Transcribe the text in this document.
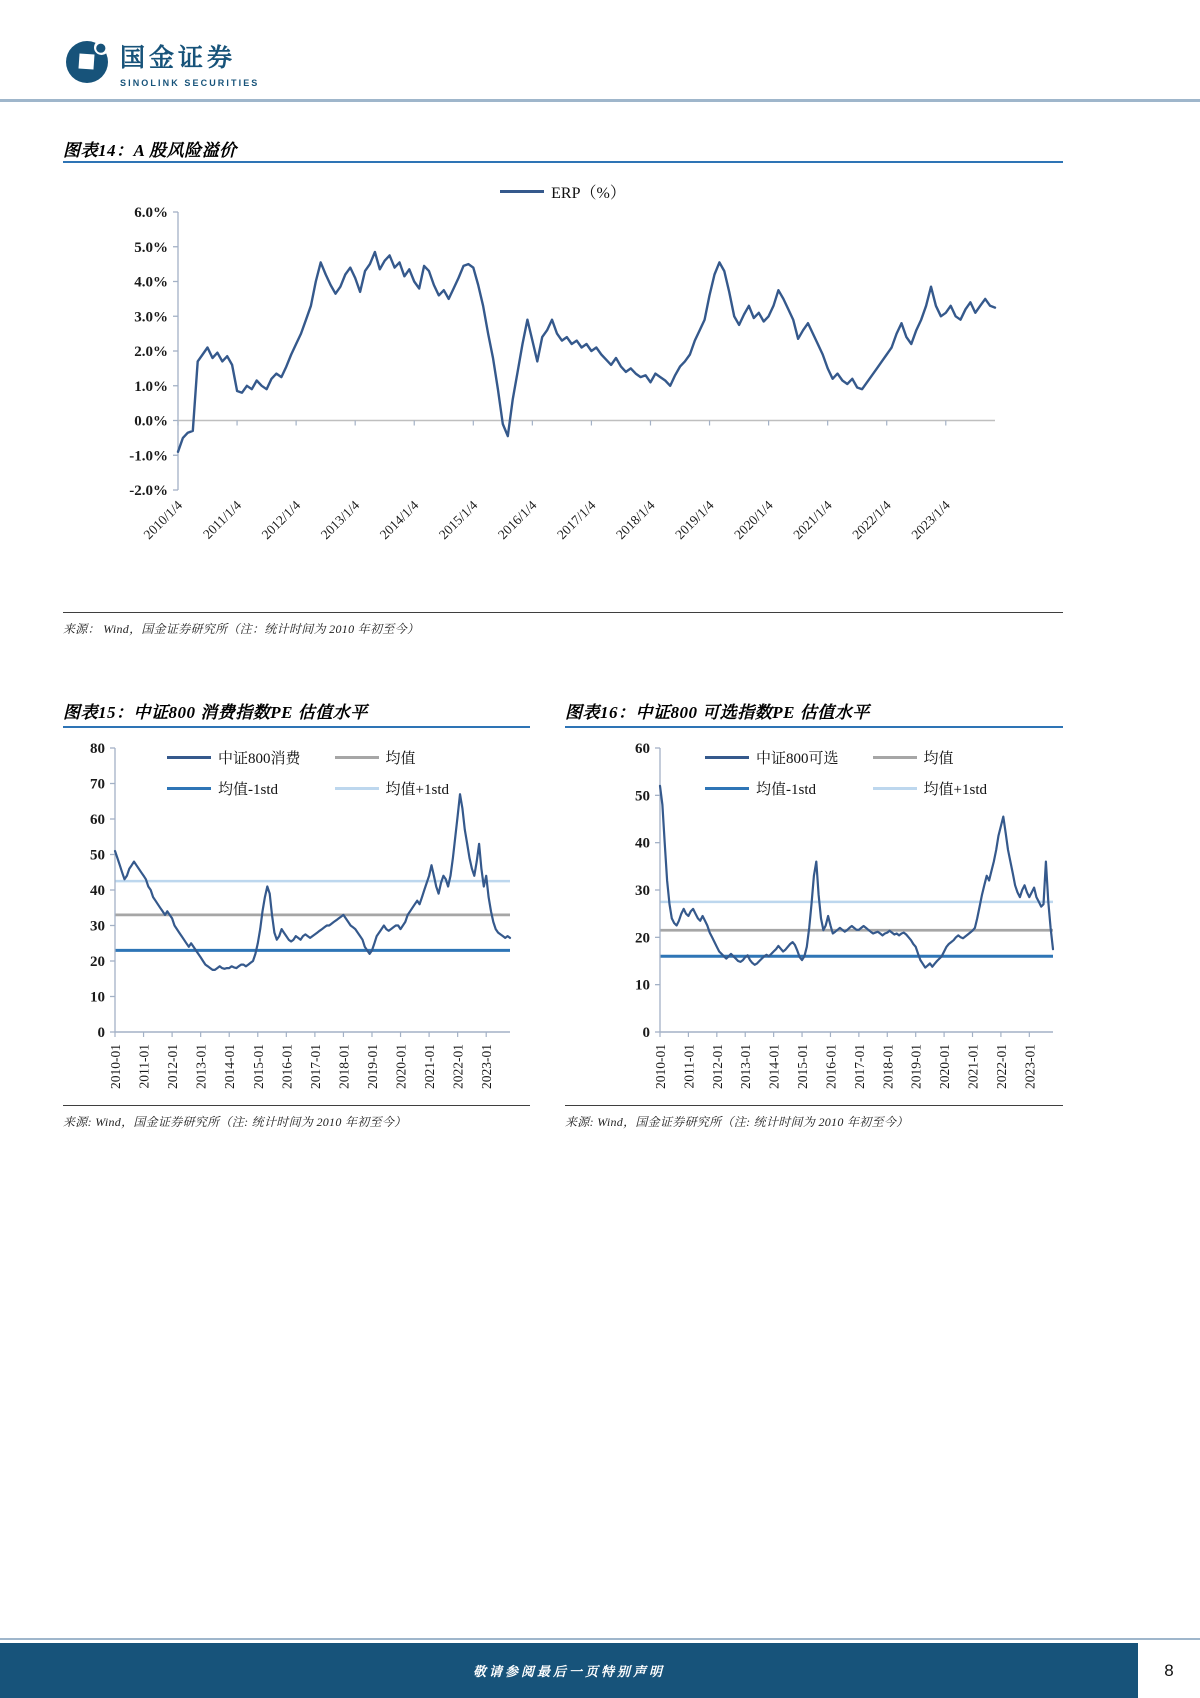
国金证券
SINOLINK SECURITIES
图表14：A 股风险溢价
ERP（%）
6.0%
5.0%
4.0%
3.0%
2.0%
1.0%
0.0%
-1.0%
-2.0%
2010/1/4 2011/1/4 2012/1/4 2013/1/4 2014/1/4 2015/1/4 2016/1/4 2017/1/4 2018/1/4 2019/1/4 2020/1/4 2021/1/4 2022/1/4 2023/1/4
来源： Wind，国金证券研究所（注：统计时间为 2010 年初至今）
图表15：中证800 消费指数PE 估值水平	图表16：中证800 可选指数PE 估值水平
80
70
60
50
40
30
20
10
0
2010-01 2011-01 2012-01 2013-01 2014-01 2015-01 2016-01 2017-01 2018-01 2019-01 2020-01 2021-01 2022-01 2023-01
中证800消费	均值
均值-1std	均值+1std
来源: Wind，国金证券研究所（注: 统计时间为 2010 年初至今）
60
50
40
30
20
10
0
2010-01 2011-01 2012-01 2013-01 2014-01 2015-01 2016-01 2017-01 2018-01 2019-01 2020-01 2021-01 2022-01 2023-01
中证800可选	均值
均值-1std	均值+1std
来源: Wind，国金证券研究所（注: 统计时间为 2010 年初至今）
敬请参阅最后一页特别声明	8
